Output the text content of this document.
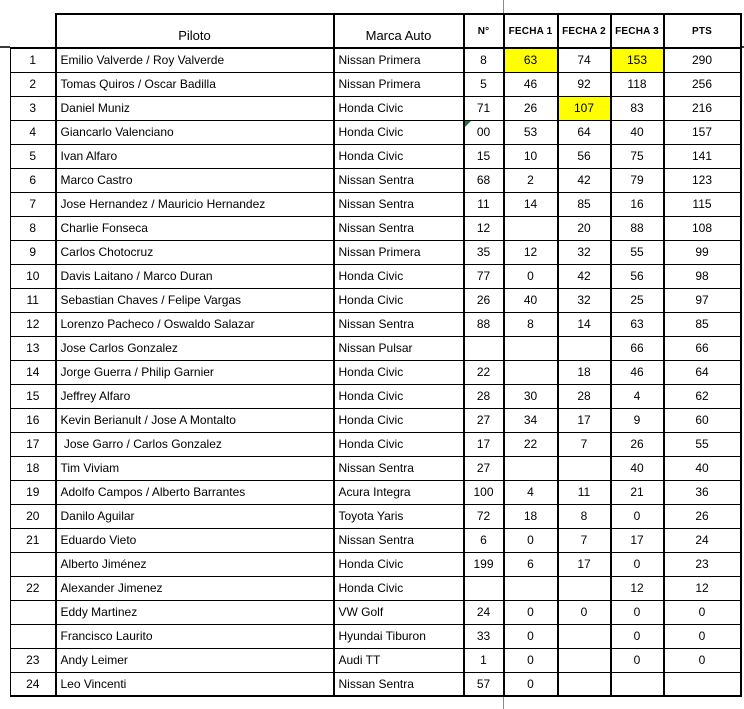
	Piloto	Marca Auto	N°	FECHA 1	FECHA 2	FECHA 3	PTS
1	Emilio Valverde / Roy Valverde	Nissan Primera	8	63	74	153	290
2	Tomas Quiros / Oscar Badilla	Nissan Primera	5	46	92	118	256
3	Daniel Muniz	Honda Civic	71	26	107	83	216
4	Giancarlo Valenciano	Honda Civic	00	53	64	40	157
5	Ivan Alfaro	Honda Civic	15	10	56	75	141
6	Marco Castro	Nissan Sentra	68	2	42	79	123
7	Jose Hernandez / Mauricio Hernandez	Nissan Sentra	11	14	85	16	115
8	Charlie Fonseca	Nissan Sentra	12		20	88	108
9	Carlos Chotocruz	Nissan Primera	35	12	32	55	99
10	Davis Laitano / Marco Duran	Honda Civic	77	0	42	56	98
11	Sebastian Chaves / Felipe Vargas	Honda Civic	26	40	32	25	97
12	Lorenzo Pacheco / Oswaldo Salazar	Nissan Sentra	88	8	14	63	85
13	Jose Carlos Gonzalez	Nissan Pulsar				66	66
14	Jorge Guerra / Philip Garnier	Honda Civic	22		18	46	64
15	Jeffrey Alfaro	Honda Civic	28	30	28	4	62
16	Kevin Berianult / Jose A Montalto	Honda Civic	27	34	17	9	60
17	Jose Garro / Carlos Gonzalez	Honda Civic	17	22	7	26	55
18	Tim Viviam	Nissan Sentra	27			40	40
19	Adolfo Campos / Alberto Barrantes	Acura Integra	100	4	11	21	36
20	Danilo Aguilar	Toyota Yaris	72	18	8	0	26
21	Eduardo Vieto	Nissan Sentra	6	0	7	17	24
	Alberto Jiménez	Honda Civic	199	6	17	0	23
22	Alexander Jimenez	Honda Civic				12	12
	Eddy Martinez	VW Golf	24	0	0	0	0
	Francisco Laurito	Hyundai Tiburon	33	0		0	0
23	Andy Leimer	Audi TT	1	0		0	0
24	Leo Vincenti	Nissan Sentra	57	0			
